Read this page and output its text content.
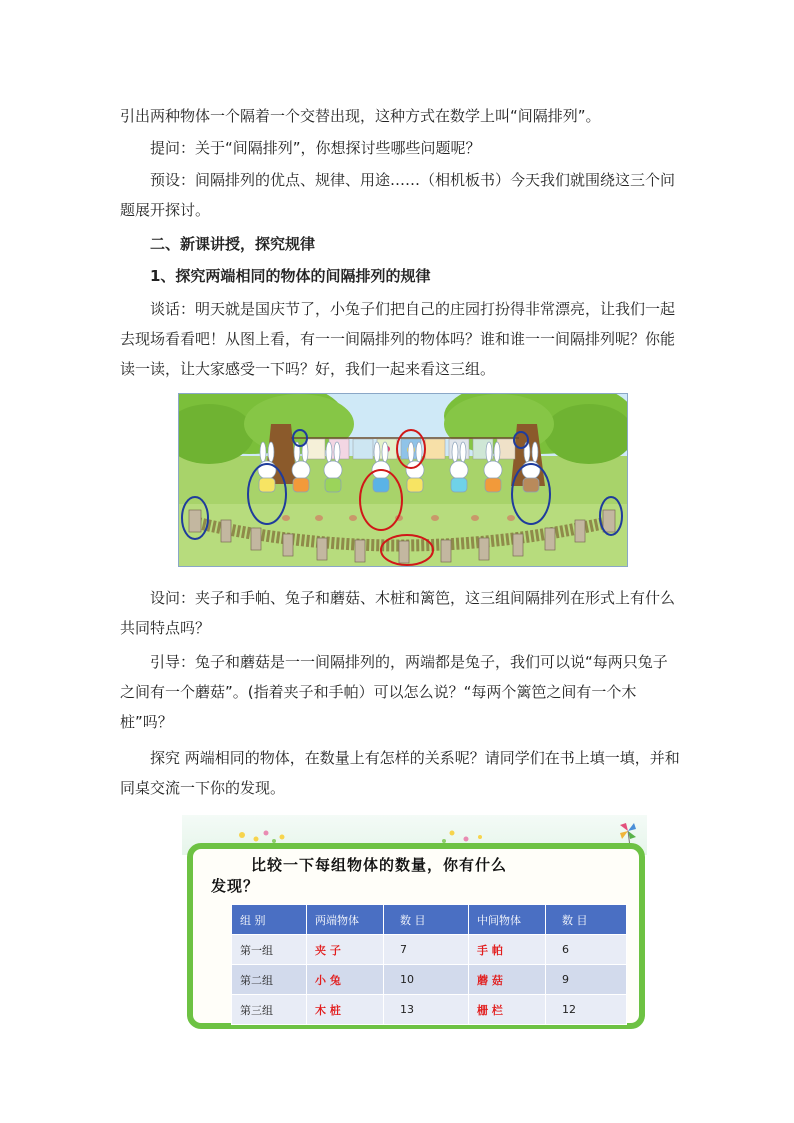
引出两种物体一个隔着一个交替出现，这种方式在数学上叫“间隔排列”。

提问：关于“间隔排列”，你想探讨些哪些问题呢？

预设：间隔排列的优点、规律、用途……（相机板书）今天我们就围绕这三个问题展开探讨。

二、新课讲授，探究规律
1、探究两端相同的物体的间隔排列的规律

谈话：明天就是国庆节了，小兔子们把自己的庄园打扮得非常漂亮，让我们一起去现场看看吧！从图上看，有一一间隔排列的物体吗？谁和谁一一间隔排列呢？你能读一读，让大家感受一下吗？好，我们一起来看这三组。

设问：夹子和手帕、兔子和蘑菇、木桩和篱笆，这三组间隔排列在形式上有什么共同特点吗？

引导：兔子和蘑菇是一一间隔排列的，两端都是兔子，我们可以说“每两只兔子之间有一个蘑菇”。(指着夹子和手帕）可以怎么说？“每两个篱笆之间有一个木桩”吗？

探究 两端相同的物体，在数量上有怎样的关系呢？请同学们在书上填一填，并和同桌交流一下你的发现。

比较一下每组物体的数量，你有什么
发现？
组 别	两端物体	数 目	中间物体	数 目
第一组	夹 子	7	手 帕	6
第二组	小 兔	10	蘑 菇	9
第三组	木 桩	13	栅 栏	12
